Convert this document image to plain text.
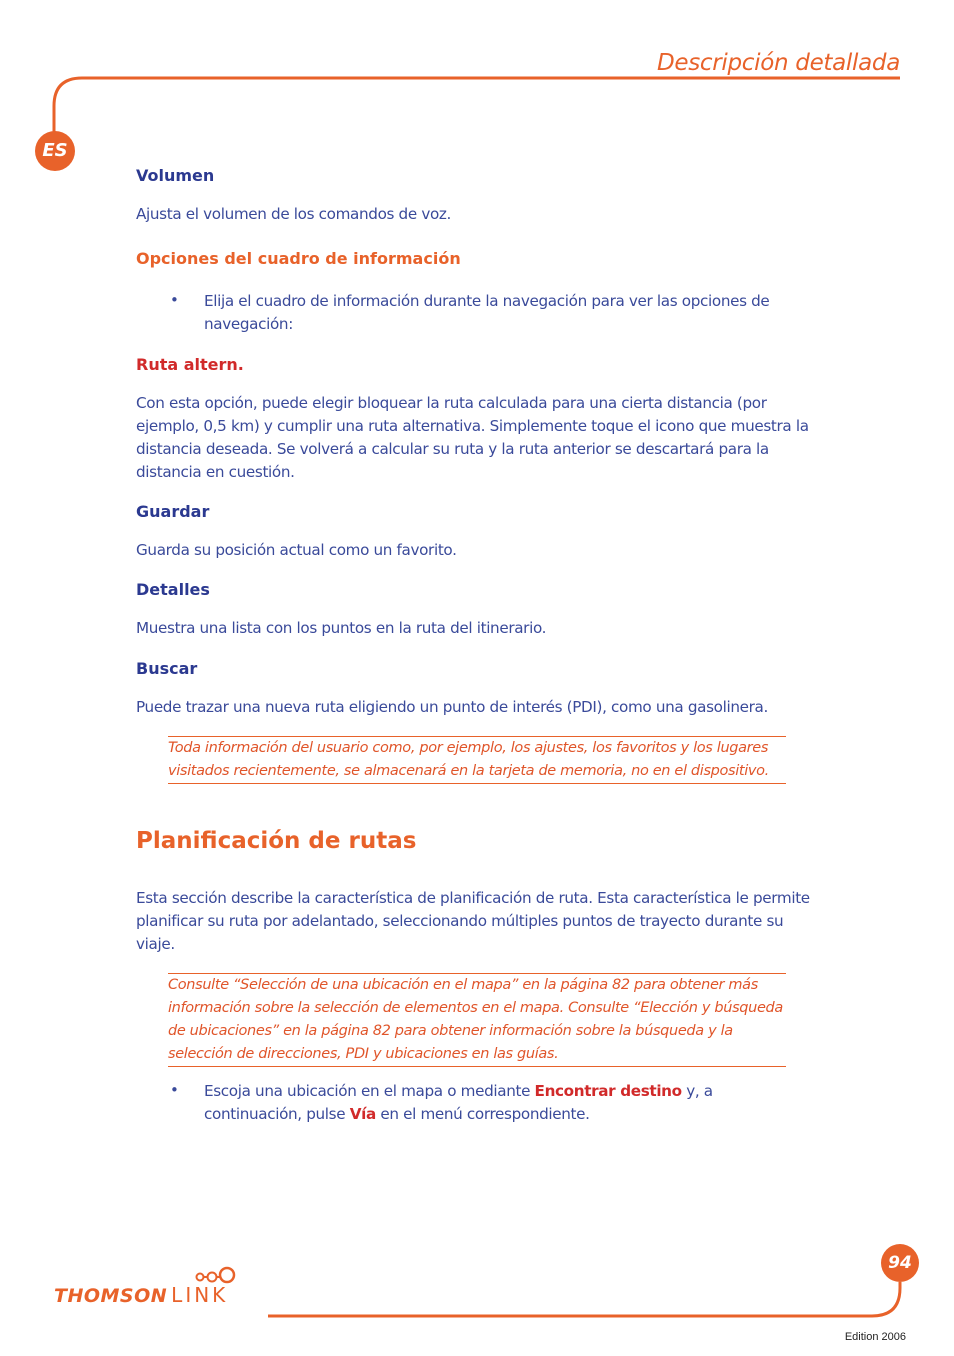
Descripción detallada
ES
Volumen

Ajusta el volumen de los comandos de voz.

Opciones del cuadro de información
• Elija el cuadro de información durante la navegación para ver las opciones de navegación:

Ruta altern.

Con esta opción, puede elegir bloquear la ruta calculada para una cierta distancia (por ejemplo, 0,5 km) y cumplir una ruta alternativa. Simplemente toque el icono que muestra la distancia deseada. Se volverá a calcular su ruta y la ruta anterior se descartará para la distancia en cuestión.

Guardar

Guarda su posición actual como un favorito.

Detalles

Muestra una lista con los puntos en la ruta del itinerario.

Buscar

Puede trazar una nueva ruta eligiendo un punto de interés (PDI), como una gasolinera.

Toda información del usuario como, por ejemplo, los ajustes, los favoritos y los lugares visitados recientemente, se almacenará en la tarjeta de memoria, no en el dispositivo.
Planificación de rutas

Esta sección describe la característica de planificación de ruta. Esta característica le permite planificar su ruta por adelantado, seleccionando múltiples puntos de trayecto durante su viaje.

Consulte “Selección de una ubicación en el mapa” en la página 82 para obtener más información sobre la selección de elementos en el mapa. Consulte “Elección y búsqueda de ubicaciones” en la página 82 para obtener información sobre la búsqueda y la selección de direcciones, PDI y ubicaciones en las guías.
• Escoja una ubicación en el mapa o mediante Encontrar destino y, a continuación, pulse Vía en el menú correspondiente.

94
THOMSON LINK
Edition 2006
